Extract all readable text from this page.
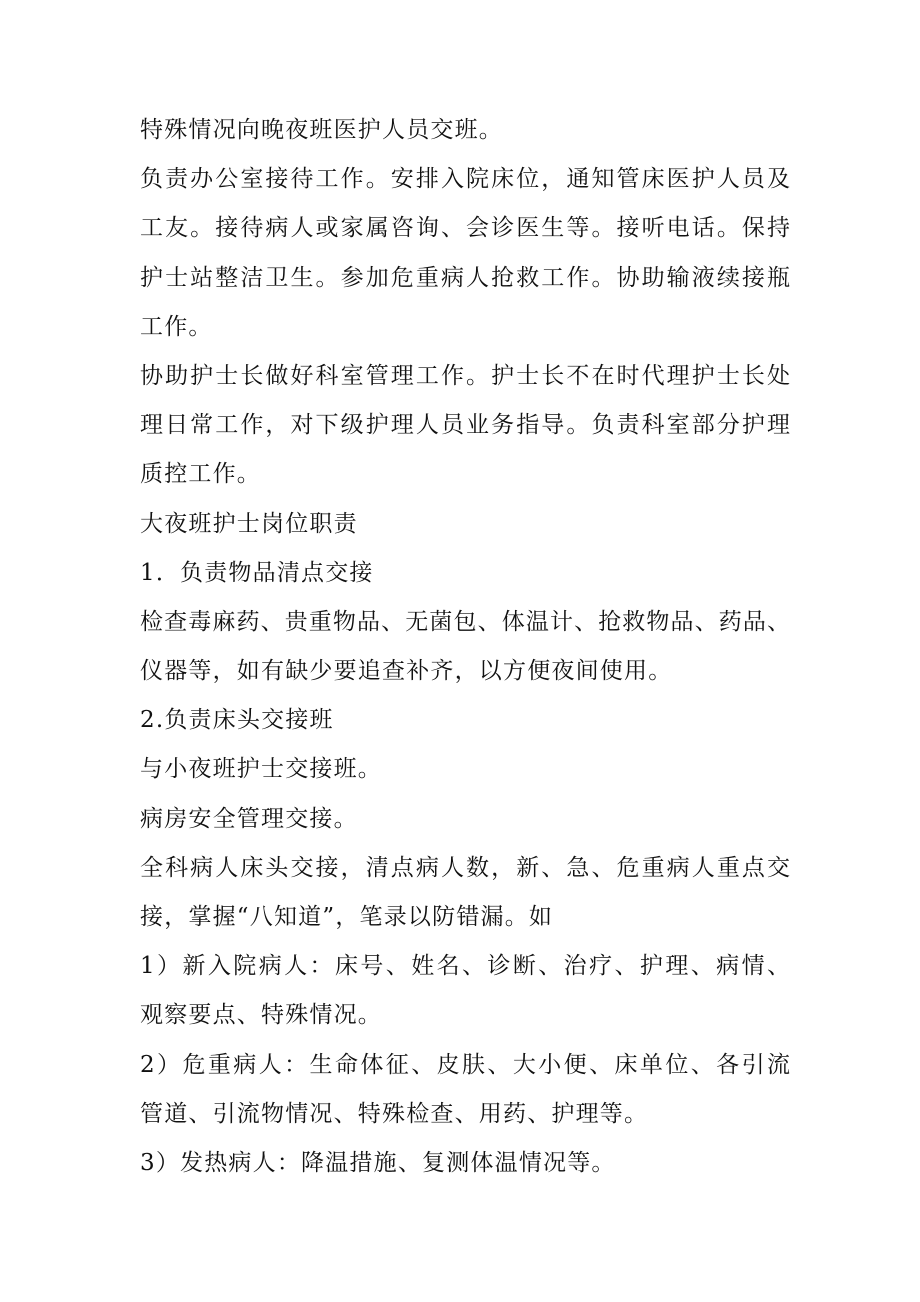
特殊情况向晚夜班医护人员交班。
负责办公室接待工作。安排入院床位，通知管床医护人员及
工友。接待病人或家属咨询、会诊医生等。接听电话。保持
护士站整洁卫生。参加危重病人抢救工作。协助输液续接瓶
工作。
协助护士长做好科室管理工作。护士长不在时代理护士长处
理日常工作，对下级护理人员业务指导。负责科室部分护理
质控工作。
大夜班护士岗位职责
1．负责物品清点交接
检查毒麻药、贵重物品、无菌包、体温计、抢救物品、药品、
仪器等，如有缺少要追查补齐，以方便夜间使用。
2.负责床头交接班
与小夜班护士交接班。
病房安全管理交接。
全科病人床头交接，清点病人数，新、急、危重病人重点交
接，掌握“八知道”，笔录以防错漏。如
1）新入院病人：床号、姓名、诊断、治疗、护理、病情、
观察要点、特殊情况。
2）危重病人：生命体征、皮肤、大小便、床单位、各引流
管道、引流物情况、特殊检查、用药、护理等。
3）发热病人：降温措施、复测体温情况等。
